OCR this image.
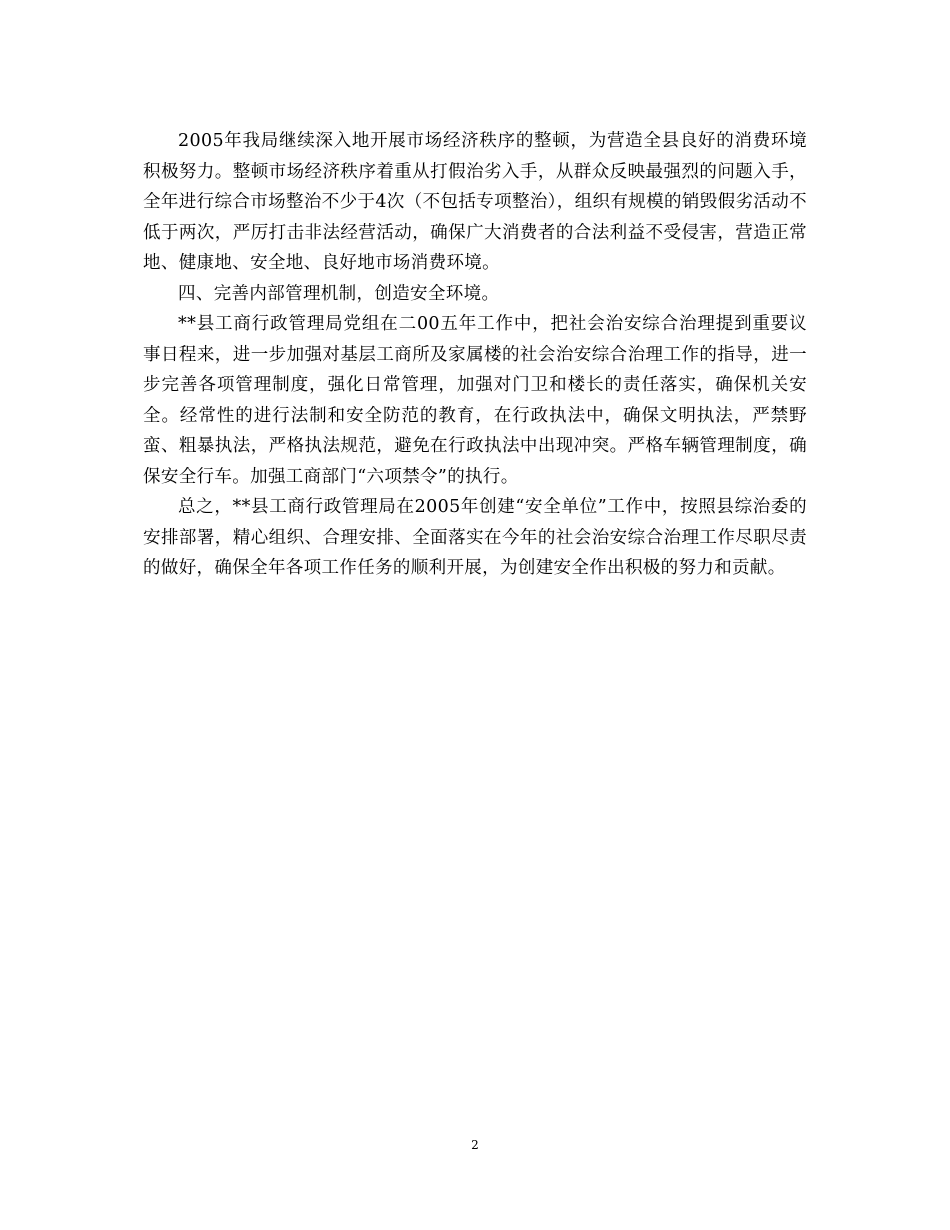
2005年我局继续深入地开展市场经济秩序的整顿，为营造全县良好的消费环境积极努力。整顿市场经济秩序着重从打假治劣入手，从群众反映最强烈的问题入手，全年进行综合市场整治不少于4次（不包括专项整治），组织有规模的销毁假劣活动不低于两次，严厉打击非法经营活动，确保广大消费者的合法利益不受侵害，营造正常地、健康地、安全地、良好地市场消费环境。

四、完善内部管理机制，创造安全环境。

**县工商行政管理局党组在二00五年工作中，把社会治安综合治理提到重要议事日程来，进一步加强对基层工商所及家属楼的社会治安综合治理工作的指导，进一步完善各项管理制度，强化日常管理，加强对门卫和楼长的责任落实，确保机关安全。经常性的进行法制和安全防范的教育，在行政执法中，确保文明执法，严禁野蛮、粗暴执法，严格执法规范，避免在行政执法中出现冲突。严格车辆管理制度，确保安全行车。加强工商部门“六项禁令”的执行。

总之，**县工商行政管理局在2005年创建“安全单位”工作中，按照县综治委的安排部署，精心组织、合理安排、全面落实在今年的社会治安综合治理工作尽职尽责的做好，确保全年各项工作任务的顺利开展，为创建安全作出积极的努力和贡献。

2
